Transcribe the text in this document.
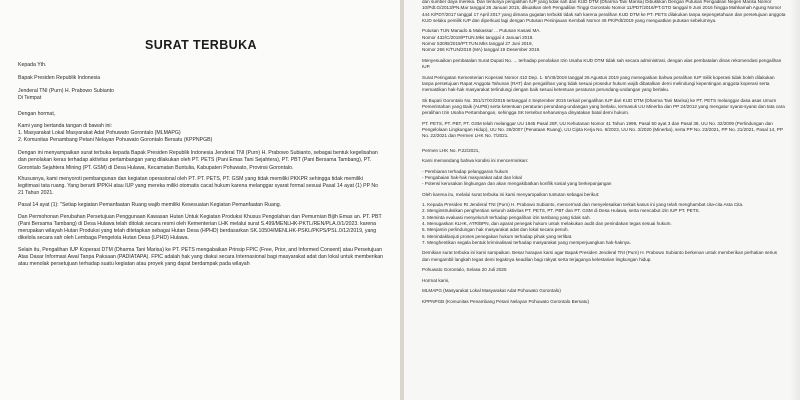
SURAT TERBUKA
Kepada Yth.
Bapak Presiden Republik Indonesia
Jenderal TNI (Purn) H. Prabowo Subianto
Di Tempat
Dengan hormat,
Kami yang bertanda tangan di bawah ini:
1. Masyarakat Lokal Masyarakat Adat Pohuwato Gorontalo (MLMAPG)
2. Komunitas Penambang Petani Nelayan Pohuwato Gorontalo Bersatu (KPPNPGB)
Dengan ini menyampaikan surat terbuka kepada Bapak Presiden Republik Indonesia Jenderal TNI (Purn) H. Prabowo Subianto, sebagai bentuk kegelisahan dan penolakan keras terhadap aktivitas pertambangan yang dilakukan oleh PT. PETS (Pani Emas Tani Sejahtera), PT. PBT (Pani Bersama Tambang), PT. Gorontalo Sejahtera Mining (PT. GSM) di Desa Hulawa, Kecamatan Buntulia, Kabupaten Pohuwato, Provinsi Gorontalo.
Khususnya, kami menyoroti pembangunan dan kegiatan operasional oleh PT. PT. PETS, PT. GSM yang tidak memiliki PKKPR sehingga tidak memiliki legitimasi tata ruang. Yang berarti IPPKH atau IUP yang mereka miliki otomatis cacat hukum karena melanggar syarat formal sesuai Pasal 14 ayat (1) PP No 21 Tahun 2021.
Pasal 14 ayat (1): "Setiap kegiatan Pemanfaatan Ruang wajib memiliki Kesesuaian Kegiatan Pemanfaatan Ruang.
Dan Permohonan Perubahan Persetujuan Penggunaan Kawasan Hutan Untuk Kegiatan Produksi Khusus Pengolahan dan Pemurnian Bijih Emas an. PT. PBT (Pani Bersama Tambang) di Desa Hulawa telah ditolak secara resmi oleh Kementerian LHK melalui surat S.499/MENLHK-PKTL/REN/PLA.0/1/2023. karena merupakan wilayah Hutan Produksi yang telah ditetapkan sebagai Hutan Desa (HPHD) berdasarkan SK.10504/MENLHK-PSKL/PKPS/PSL.0/12/2019, yang dikelola secara sah oleh Lembaga Pengelola Hutan Desa (LPHD) Hulawa.
Selain itu, Pengalihan IUP Koperasi DTM (Dharma Tani Marisa) ke PT. PETS mengabaikan Prinsip FPIC (Free, Prior, and Informed Consent) atau Persetujuan Atas Dasar Informasi Awal Tanpa Paksaan (PADIATAPA). FPIC adalah hak yang diakui secara Internasional bagi masyarakat adat dan lokal untuk memberikan atau menolak persetujuan terhadap suatu kegiatan atau proyek yang dapat berdampak pada wilayah
dan sumber daya mereka. Dan tentunya pengalihan IUP yang tidak sah dari KUD DTM (Dharma Tani Marisa) Dibuktikan Dengan Putusan Pengadilan Negeri Marisa Nomor 10/Pdt.G/2013/PN.Mar tanggal 26 Januari 2015, dikuatkan oleh Pengadilan Tinggi Gorontalo Nomor 11/PDT/2016/PT.GTO tanggal 9 Juni 2016 hingga Mahkamah Agung Nomor 444 K/PDT/2017 tanggal 17 April 2017 yang dimana gugatan terbukti tidak sah karena peralihan KUD DTM ke PT. PETS dilakukan tanpa sepengetahuan dan persetujuan anggota KUD selaku pemilik IUP dan diperkuat lagi dengan Putusan Peninjauan Kembali Nomor 46 PK/Pdt/2019 yang menguatkan putusan sebelumnya.
Putusan TUN Manado & Makassar ... Putusan Kasasi MA.
Nomor 432/C/2019/PTUN.Mks tanggal 4 Januari 2019.
Nomor 530/B/2019/PT.TUN.Mks tanggal 27 Juni 2019,
Nomor 266 K/TUN/2019 (MA) tanggal 19 Desember 2019.
Menyesuaikan pembatalan Surat Dupati No. ... terhadap penolakan Izin Usaha KUD DTM tidak sah secara administrasi, dengan alas pembatalan dinas rekomendasi pengalihan IUP.
Surat Peringatan Kementerian Koperasi Nomor 410 Dep. 1. 5/VIII/2019 tanggal 26 Agustus 2019 yang menegaskan bahwa peralihan IUP milik koperasi tidak boleh dilakukan tanpa persetujuan Rapat Anggota Tahunan (RAT) dan pengalihan yang tidak sesuai prosedur hukum wajib dibatalkan demi melindungi kepentingan anggota koperasi serta memastikan hak-hak masyarakat terlindungi dengan baik sesuai ketentuan peraturan perundang-undangan yang berlaku.
Sk Bupati Gorontalo No. 351/17/XII/2015 tertanggal 4 September 2015 terkait pengalihan IUP dari KUD DTM (Dharma Tani Marisa) ke PT. PETS melanggar dasa asas Umum Pemerintahan yang Baik (AUPB) serta ketentuan peraturan perundang-undangan yang berlaku, termasuk UU Minerba dan PP 24/2012 yang mengatur syarat-syarat dan tata cara peralihan Izin Usaha Pertambangan, sehingga SK tersebut seharusnya dinyatakan batal demi hukum.
PT. PETS, PT. PBT, PT. GSM telah melanggar UU 1945 Pasal 28F, UU Kehutanan Nomor 41 Tahun 1999, Pasal 50 ayat 3 dan Pasal 38, UU No. 32/2009 (Perlindungan dan Pengelolaan Lingkungan Hidup), UU No. 26/2007 (Penataan Ruang), UU Cipta Kerja No. 6/2023, UU No. 3/2020 (Minerba), serta PP No. 23/2021, PP No. 21/2021, Pasal 14, PP No. 22/2021 dan Permen LHK No. 7/2021.
Permen LHK No. P.22/2021,
Kami memandang bahwa kondisi ini mencerminkan:
- Pembiaran terhadap pelanggaran hukum
- Pengabaian hak-hak masyarakat adat dan lokal
- Potensi kerusakan lingkungan dan akan mengakibatkan konflik sosial yang berkepanjangan
Oleh karena itu, melalui surat terbuka ini kami menyampaikan tuntutan sebagai berikut:
1. Kepada Presiden RI Jenderal TNI (Purn) H. Prabowo Subianto, mencermati dan menyelesaikan terkait kasus ini yang telah menghambat cita-cita Asta Cita.
2. Menginstruksikan penghentian seluruh aktivitas PT. PETS, PT. PBT dan PT. GSM di Desa Hulawa, serta mencabut izin IUP PT. PETS.
3. Meminta evaluasi menyeluruh terhadap pengalihan izin tambang yang tidak sah.
4. Menugaskan KLHK, ATR/BPN, dan aparat penegak hukum untuk melakukan audit dan penindakan tegas sesuai hukum.
5. Menjamin perlindungan hak masyarakat adat dan lokal secara penuh.
6. Menindaklanjuti proses penegakan hukum terhadap pihak yang terlibat.
7. Menghentikan segala bentuk kriminalisasi terhadap masyarakat yang memperjuangkan hak-haknya.
Demikian surat terbuka ini kami sampaikan. Besar harapan kami agar Bapak Presiden Jenderal TNI (Purn) H. Prabowo Subianto berkenan untuk memberikan perhatian serius dan mengambil langkah tegas demi tegaknya keadilan bagi rakyat serta terjaganya kelestarian lingkungan hidup.
Pohuwato Gorontalo, Selasa 20 Juli 2025
Hormat kami,
MLMAPG (Masyarakat Lokal Masyarakat Adat Pohuwato Gorontalo)
KPPNPGB (Komunitas Penambang Petani Nelayan Pohuwato Gorontalo Bersatu)
